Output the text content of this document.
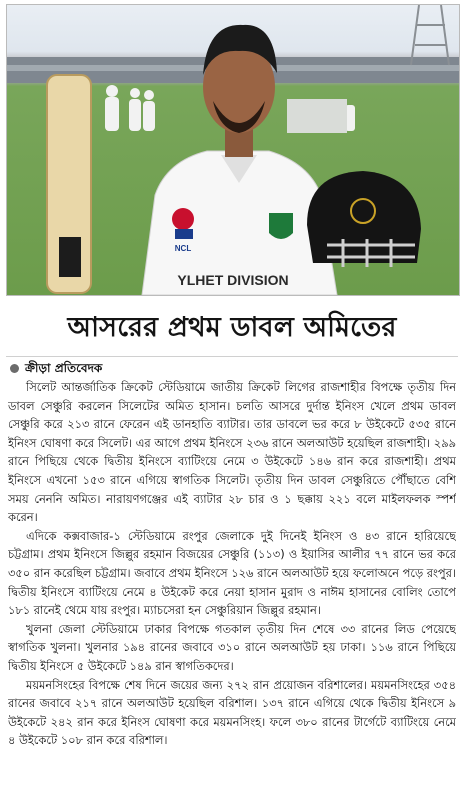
YLHET DIVISION
NCL
আসরের প্রথম ডাবল অমিতের
ক্রীড়া প্রতিবেদক

সিলেট আন্তর্জাতিক ক্রিকেট স্টেডিয়ামে জাতীয় ক্রিকেট লিগের রাজশাহীর বিপক্ষে তৃতীয় দিন ডাবল সেঞ্চুরি করলেন সিলেটের অমিত হাসান। চলতি আসরে দুর্দান্ত ইনিংস খেলে প্রথম ডাবল সেঞ্চুরি করে ২১৩ রানে ফেরেন এই ডানহাতি ব্যাটার। তার ডাবলে ভর করে ৮ উইকেটে ৫৩৫ রানে ইনিংস ঘোষণা করে সিলেট। এর আগে প্রথম ইনিংসে ২৩৬ রানে অলআউট হয়েছিল রাজশাহী। ২৯৯ রানে পিছিয়ে থেকে দ্বিতীয় ইনিংসে ব্যাটিংয়ে নেমে ৩ উইকেটে ১৪৬ রান করে রাজশাহী। প্রথম ইনিংসে এখনো ১৫৩ রানে এগিয়ে স্বাগতিক সিলেট। তৃতীয় দিন ডাবল সেঞ্চুরিতে পৌঁছাতে বেশি সময় নেননি অমিত। নারায়ণগঞ্জের এই ব্যাটার ২৮ চার ও ১ ছক্কায় ২২১ বলে মাইলফলক স্পর্শ করেন।

এদিকে কক্সবাজার-১ স্টেডিয়ামে রংপুর জেলাকে দুই দিনেই ইনিংস ও ৪৩ রানে হারিয়েছে চট্টগ্রাম। প্রথম ইনিংসে জিল্লুর রহমান বিজয়ের সেঞ্চুরি (১১৩) ও ইয়াসির আলীর ৭৭ রানে ভর করে ৩৫০ রান করেছিল চট্টগ্রাম। জবাবে প্রথম ইনিংসে ১২৬ রানে অলআউট হয়ে ফলোঅনে পড়ে রংপুর। দ্বিতীয় ইনিংসে ব্যাটিংয়ে নেমে ৪ উইকেট করে নেয়া হাসান মুরাদ ও নাঈম হাসানের বোলিং তোপে ১৮১ রানেই থেমে যায় রংপুর। ম্যাচসেরা হন সেঞ্চুরিয়ান জিল্লুর রহমান।

খুলনা জেলা স্টেডিয়ামে ঢাকার বিপক্ষে গতকাল তৃতীয় দিন শেষে ৩৩ রানের লিড পেয়েছে স্বাগতিক খুলনা। খুলনার ১৯৪ রানের জবাবে ৩১০ রানে অলআউট হয় ঢাকা। ১১৬ রানে পিছিয়ে দ্বিতীয় ইনিংসে ৫ উইকেটে ১৪৯ রান স্বাগতিকদের।

ময়মনসিংহের বিপক্ষে শেষ দিনে জয়ের জন্য ২৭২ রান প্রয়োজন বরিশালের। ময়মনসিংহের ৩৫৪ রানের জবাবে ২১৭ রানে অলআউট হয়েছিল বরিশাল। ১৩৭ রানে এগিয়ে থেকে দ্বিতীয় ইনিংসে ৯ উইকেটে ২৪২ রান করে ইনিংস ঘোষণা করে ময়মনসিংহ। ফলে ৩৮০ রানের টার্গেটে ব্যাটিংয়ে নেমে ৪ উইকেটে ১০৮ রান করে বরিশাল।
